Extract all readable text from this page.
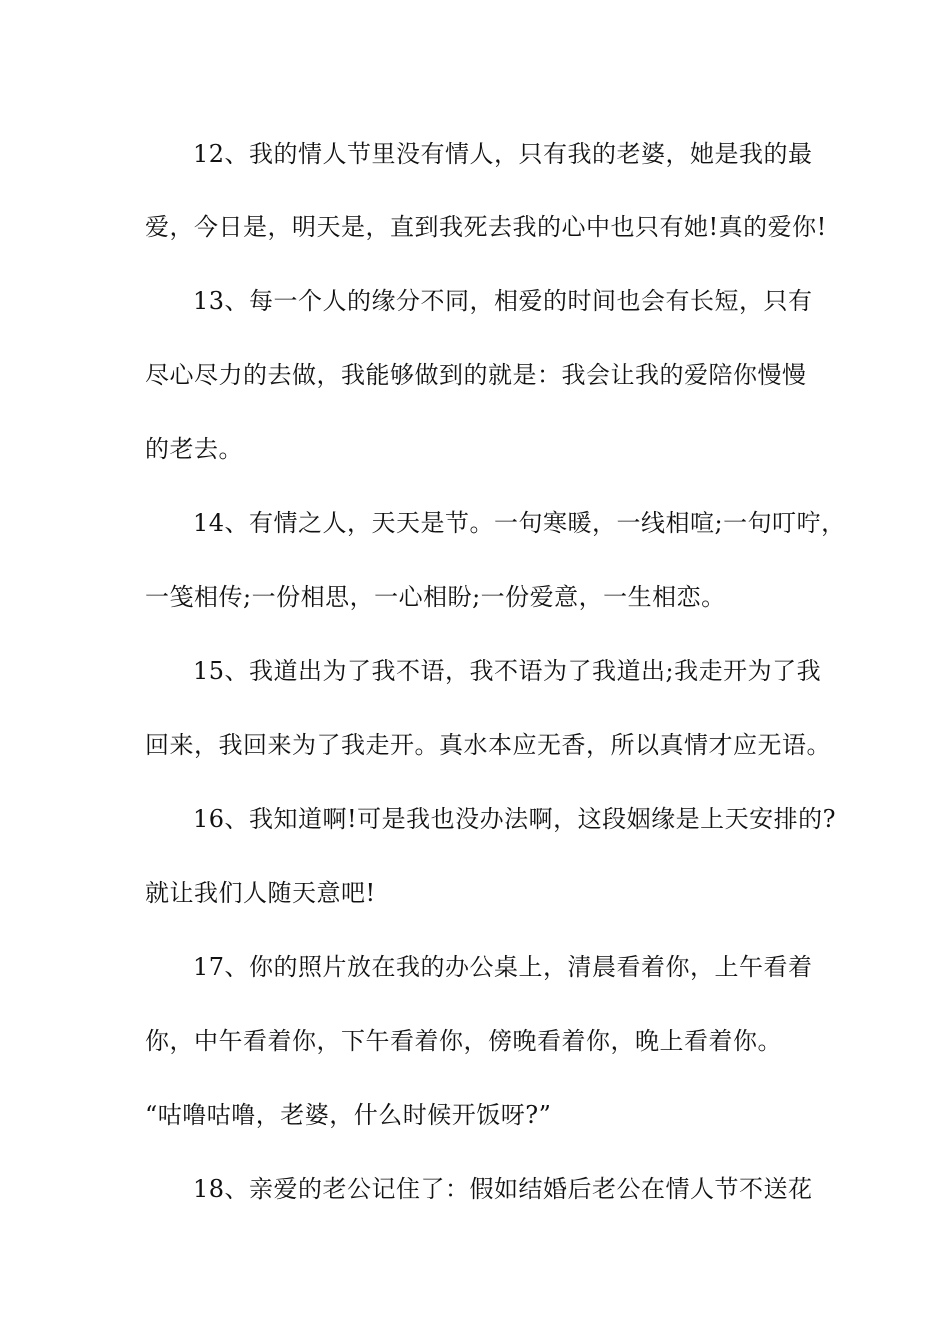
12、我的情人节里没有情人，只有我的老婆，她是我的最
爱，今日是，明天是，直到我死去我的心中也只有她!真的爱你!
13、每一个人的缘分不同，相爱的时间也会有长短，只有
尽心尽力的去做，我能够做到的就是：我会让我的爱陪你慢慢
的老去。
14、有情之人，天天是节。一句寒暖，一线相喧;一句叮咛，
一笺相传;一份相思，一心相盼;一份爱意，一生相恋。
15、我道出为了我不语，我不语为了我道出;我走开为了我
回来，我回来为了我走开。真水本应无香，所以真情才应无语。
16、我知道啊!可是我也没办法啊，这段姻缘是上天安排的?
就让我们人随天意吧!
17、你的照片放在我的办公桌上，清晨看着你，上午看着
你，中午看着你，下午看着你，傍晚看着你，晚上看着你。
“咕噜咕噜，老婆，什么时候开饭呀?”
18、亲爱的老公记住了：假如结婚后老公在情人节不送花
